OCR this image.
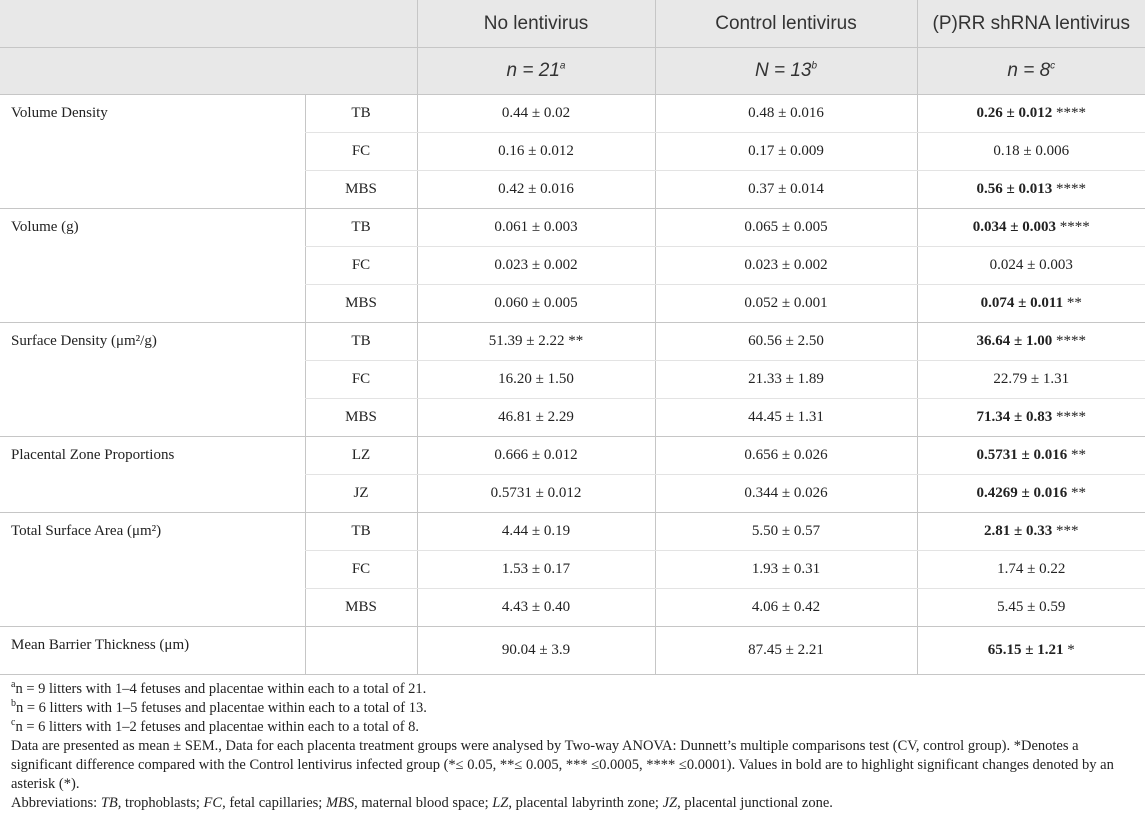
		No lentivirus	Control lentivirus	(P)RR shRNA lentivirus
		$n = 21^a$	$N = 13^b$	$n = 8^c$
Volume Density	TB	0.44 ± 0.02	0.48 ± 0.016	0.26 ± 0.012 ****
	FC	0.16 ± 0.012	0.17 ± 0.009	0.18 ± 0.006
	MBS	0.42 ± 0.016	0.37 ± 0.014	0.56 ± 0.013 ****
Volume (g)	TB	0.061 ± 0.003	0.065 ± 0.005	0.034 ± 0.003 ****
	FC	0.023 ± 0.002	0.023 ± 0.002	0.024 ± 0.003
	MBS	0.060 ± 0.005	0.052 ± 0.001	0.074 ± 0.011 **
Surface Density (μm²/g)	TB	51.39 ± 2.22 **	60.56 ± 2.50	36.64 ± 1.00 ****
	FC	16.20 ± 1.50	21.33 ± 1.89	22.79 ± 1.31
	MBS	46.81 ± 2.29	44.45 ± 1.31	71.34 ± 0.83 ****
Placental Zone Proportions	LZ	0.666 ± 0.012	0.656 ± 0.026	0.5731 ± 0.016 **
	JZ	0.5731 ± 0.012	0.344 ± 0.026	0.4269 ± 0.016 **
Total Surface Area (μm²)	TB	4.44 ± 0.19	5.50 ± 0.57	2.81 ± 0.33 ***
	FC	1.53 ± 0.17	1.93 ± 0.31	1.74 ± 0.22
	MBS	4.43 ± 0.40	4.06 ± 0.42	5.45 ± 0.59
Mean Barrier Thickness (μm)		90.04 ± 3.9	87.45 ± 2.21	65.15 ± 1.21 *

$^a$n = 9 litters with 1–4 fetuses and placentae within each to a total of 21.

$^b$n = 6 litters with 1–5 fetuses and placentae within each to a total of 13.

$^c$n = 6 litters with 1–2 fetuses and placentae within each to a total of 8.

Data are presented as mean ± SEM., Data for each placenta treatment groups were analysed by Two-way ANOVA: Dunnett’s multiple comparisons test (CV, control group). *Denotes a significant difference compared with the Control lentivirus infected group (*≤ 0.05, **≤ 0.005, *** ≤0.0005, **** ≤0.0001). Values in bold are to highlight significant changes denoted by an asterisk (*).

Abbreviations: TB, trophoblasts; FC, fetal capillaries; MBS, maternal blood space; LZ, placental labyrinth zone; JZ, placental junctional zone.
